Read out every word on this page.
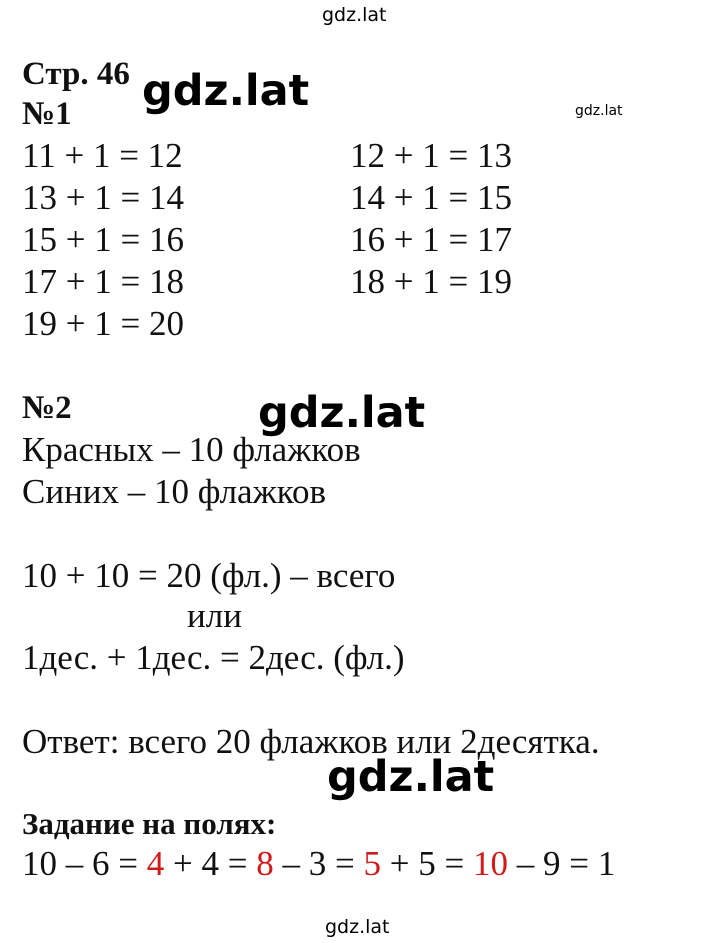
gdz.lat
gdz.lat	gdz.lat
gdz.lat
gdz.lat
gdz.lat
Стр. 46
№1
11 + 1 = 12
13 + 1 = 14
15 + 1 = 16
17 + 1 = 18
19 + 1 = 20
12 + 1 = 13
14 + 1 = 15
16 + 1 = 17
18 + 1 = 19
№2
Красных – 10 флажков
Синих – 10 флажков
10 + 10 = 20 (фл.) – всего
или
1дес. + 1дес. = 2дес. (фл.)
Ответ: всего 20 флажков или 2десятка.
Задание на полях:
10 – 6 = 4 + 4 = 8 – 3 = 5 + 5 = 10 – 9 = 1
